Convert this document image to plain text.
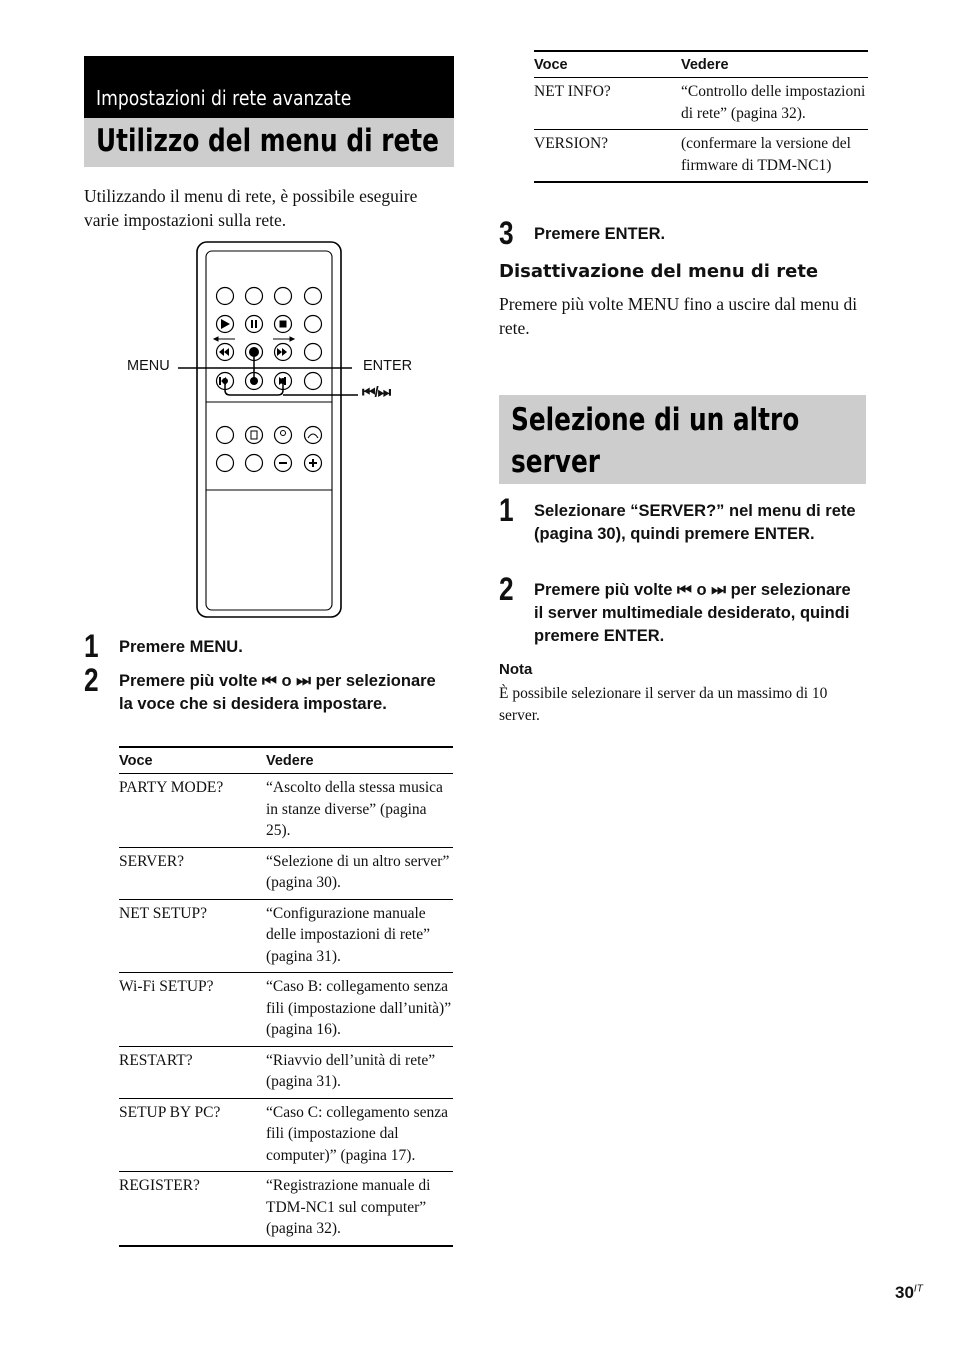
Impostazioni di rete avanzate
Utilizzo del menu di rete

Utilizzando il menu di rete, è possibile eseguire varie impostazioni sulla rete.

MENU	ENTER
⏮/⏭
1 Premere MENU.

2 Premere più volte ⏮ o ⏭ per selezionare la voce che si desidera impostare.

Voce	Vedere
PARTY MODE?	“Ascolto della stessa musica in stanze diverse” (pagina 25).
SERVER?	“Selezione di un altro server” (pagina 30).
NET SETUP?	“Configurazione manuale delle impostazioni di rete” (pagina 31).
Wi-Fi SETUP?	“Caso B: collegamento senza fili (impostazione dall’unità)” (pagina 16).
RESTART?	“Riavvio dell’unità di rete” (pagina 31).
SETUP BY PC?	“Caso C: collegamento senza fili (impostazione dal computer)” (pagina 17).
REGISTER?	“Registrazione manuale di TDM-NC1 sul computer” (pagina 32).
Voce	Vedere
NET INFO?	“Controllo delle impostazioni di rete” (pagina 32).
VERSION?	(confermare la versione del firmware di TDM-NC1)
3 Premere ENTER.

Disattivazione del menu di rete

Premere più volte MENU fino a uscire dal menu di rete.

Selezione di un altro server
1 Selezionare “SERVER?” nel menu di rete (pagina 30), quindi premere ENTER.

2 Premere più volte ⏮ o ⏭ per selezionare il server multimediale desiderato, quindi premere ENTER.

Nota

È possibile selezionare il server da un massimo di 10 server.

$30^{IT}$
